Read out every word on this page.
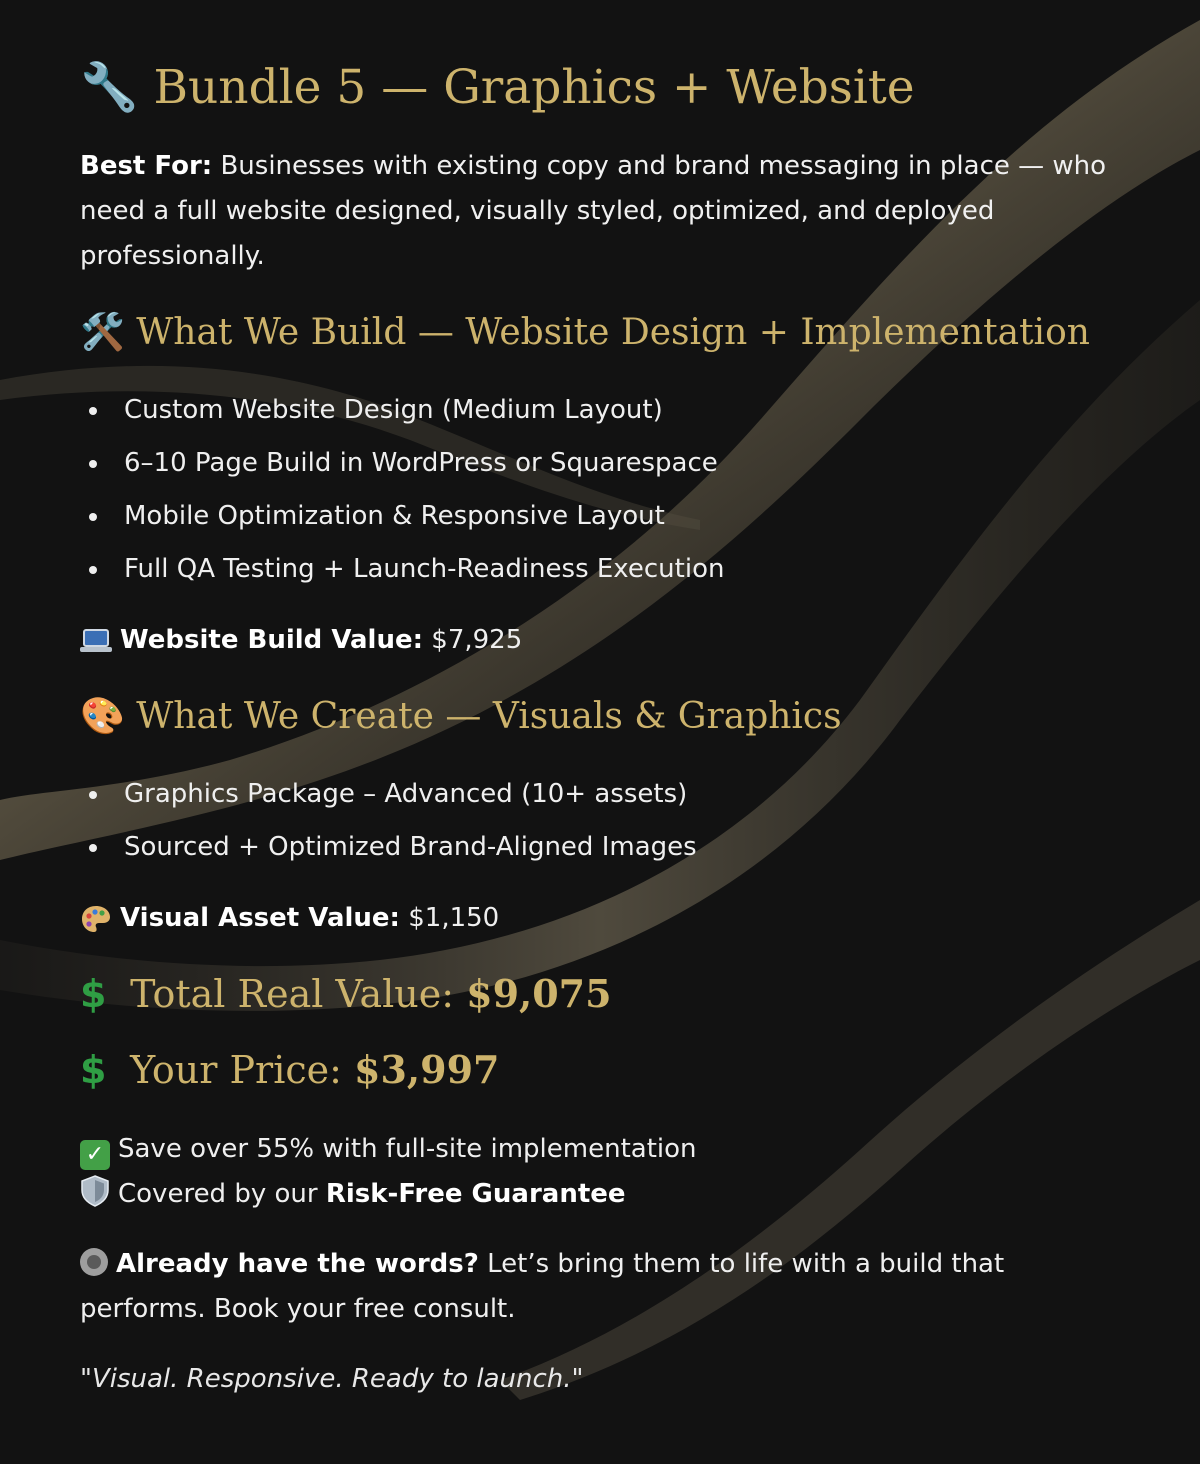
🔧 Bundle 5 — Graphics + Website

Best For: Businesses with existing copy and brand messaging in place — who need a full website designed, visually styled, optimized, and deployed professionally.

🛠️ What We Build — Website Design + Implementation
Custom Website Design (Medium Layout)
6–10 Page Build in WordPress or Squarespace
Mobile Optimization & Responsive Layout
Full QA Testing + Launch-Readiness Execution

Website Build Value: $7,925

🎨 What We Create — Visuals & Graphics
Graphics Package – Advanced (10+ assets)
Sourced + Optimized Brand-Aligned Images

Visual Asset Value: $1,150

$ Total Real Value: $9,075

$ Your Price: $3,997

✓ Save over 55% with full-site implementation

Covered by our Risk-Free Guarantee

Already have the words? Let’s bring them to life with a build that performs. Book your free consult.

"Visual. Responsive. Ready to launch."
